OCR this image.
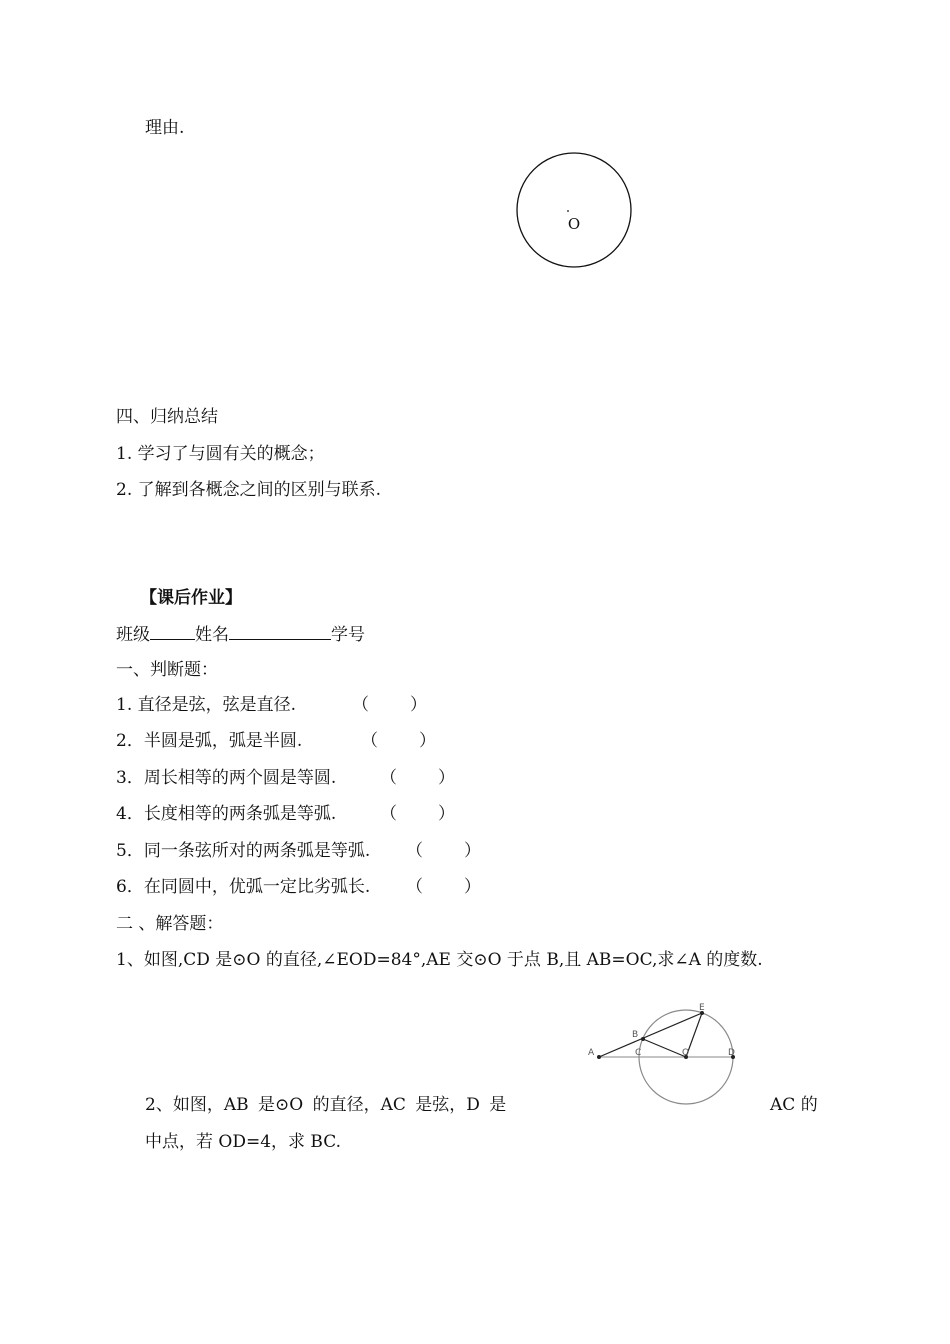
理由.
O
四、归纳总结
1. 学习了与圆有关的概念；
2. 了解到各概念之间的区别与联系.
【课后作业】
班级	姓名	学号
一、判断题：
1. 直径是弦，弦是直径.	（ ）
2．半圆是弧，弧是半圆.	（ ）
3．周长相等的两个圆是等圆.	（ ）
4．长度相等的两条弧是等弧.	（ ）
5．同一条弦所对的两条弧是等弧. （ ）
6．在同圆中，优弧一定比劣弧长. （ ）
二 、解答题：
1、如图,CD 是⊙O 的直径,∠EOD=84°,AE 交⊙O 于点 B,且 AB=OC,求∠A 的度数.
A
B
C	O	D
E
2、如图，AB 是⊙O 的直径，AC 是弦，D 是	AC 的
中点，若 OD=4，求 BC.
